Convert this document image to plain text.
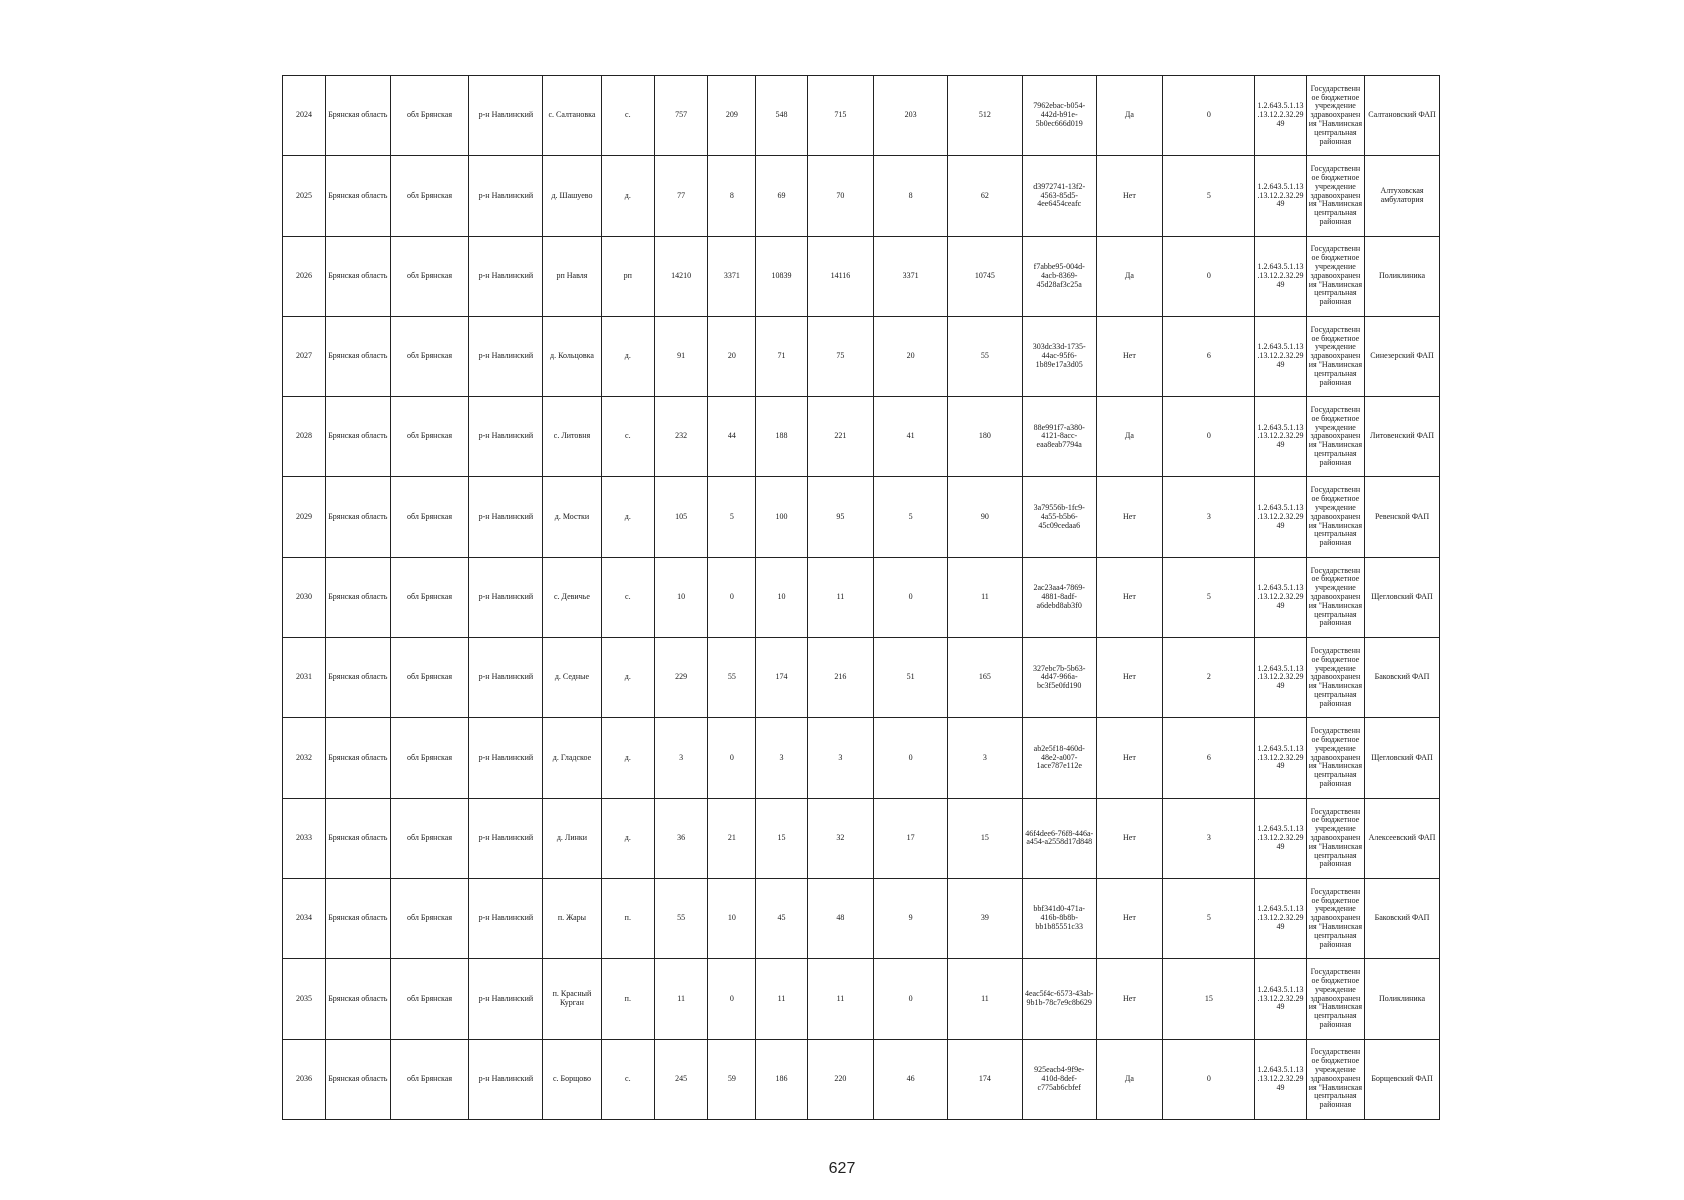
2024	Брянская область	обл Брянская	р-н Навлинский	с. Салтановка	с.	757	209	548	715	203	512	7962ebac-b054-442d-b91e-5b0ec666d019	Да	0	1.2.643.5.1.13.13.12.2.32.2949	Государственное бюджетное учреждение здравоохранения "Навлинская центральная районная	Салтановский ФАП
2025	Брянская область	обл Брянская	р-н Навлинский	д. Шашуево	д.	77	8	69	70	8	62	d3972741-13f2-4563-85d5-4ee6454ceafc	Нет	5	1.2.643.5.1.13.13.12.2.32.2949	Государственное бюджетное учреждение здравоохранения "Навлинская центральная районная	Алтуховская амбулатория
2026	Брянская область	обл Брянская	р-н Навлинский	рп Навля	рп	14210	3371	10839	14116	3371	10745	f7abbe95-004d-4acb-8369-45d28af3c25a	Да	0	1.2.643.5.1.13.13.12.2.32.2949	Государственное бюджетное учреждение здравоохранения "Навлинская центральная районная	Поликлиника
2027	Брянская область	обл Брянская	р-н Навлинский	д. Кольцовка	д.	91	20	71	75	20	55	303dc33d-1735-44ac-95f6-1b89e17a3d05	Нет	6	1.2.643.5.1.13.13.12.2.32.2949	Государственное бюджетное учреждение здравоохранения "Навлинская центральная районная	Синезерский ФАП
2028	Брянская область	обл Брянская	р-н Навлинский	с. Литовня	с.	232	44	188	221	41	180	88e991f7-a380-4121-8acc-eaa8eab7794a	Да	0	1.2.643.5.1.13.13.12.2.32.2949	Государственное бюджетное учреждение здравоохранения "Навлинская центральная районная	Литовенский ФАП
2029	Брянская область	обл Брянская	р-н Навлинский	д. Мостки	д.	105	5	100	95	5	90	3a79556b-1fc9-4a55-b5b6-45c09cedaa6	Нет	3	1.2.643.5.1.13.13.12.2.32.2949	Государственное бюджетное учреждение здравоохранения "Навлинская центральная районная	Ревенской ФАП
2030	Брянская область	обл Брянская	р-н Навлинский	с. Девичье	с.	10	0	10	11	0	11	2ac23aa4-7869-4881-8adf-a6debd8ab3f0	Нет	5	1.2.643.5.1.13.13.12.2.32.2949	Государственное бюджетное учреждение здравоохранения "Навлинская центральная районная	Щегловский ФАП
2031	Брянская область	обл Брянская	р-н Навлинский	д. Седные	д.	229	55	174	216	51	165	327ebc7b-5b63-4d47-966a-bc3f5e0fd190	Нет	2	1.2.643.5.1.13.13.12.2.32.2949	Государственное бюджетное учреждение здравоохранения "Навлинская центральная районная	Баковский ФАП
2032	Брянская область	обл Брянская	р-н Навлинский	д. Гладское	д.	3	0	3	3	0	3	ab2e5f18-460d-48e2-a007-1ace787e112e	Нет	6	1.2.643.5.1.13.13.12.2.32.2949	Государственное бюджетное учреждение здравоохранения "Навлинская центральная районная	Щегловский ФАП
2033	Брянская область	обл Брянская	р-н Навлинский	д. Линки	д.	36	21	15	32	17	15	46f4dee6-76f8-446a-a454-a2558d17d848	Нет	3	1.2.643.5.1.13.13.12.2.32.2949	Государственное бюджетное учреждение здравоохранения "Навлинская центральная районная	Алексеевский ФАП
2034	Брянская область	обл Брянская	р-н Навлинский	п. Жары	п.	55	10	45	48	9	39	bbf341d0-471a-416b-8b8b-bb1b85551c33	Нет	5	1.2.643.5.1.13.13.12.2.32.2949	Государственное бюджетное учреждение здравоохранения "Навлинская центральная районная	Баковский ФАП
2035	Брянская область	обл Брянская	р-н Навлинский	п. Красный Курган	п.	11	0	11	11	0	11	4eac5f4c-6573-43ab-9b1b-78c7e9c8b629	Нет	15	1.2.643.5.1.13.13.12.2.32.2949	Государственное бюджетное учреждение здравоохранения "Навлинская центральная районная	Поликлиника
2036	Брянская область	обл Брянская	р-н Навлинский	с. Борщово	с.	245	59	186	220	46	174	925eacb4-9f9e-410d-8def-c775ab6cbfef	Да	0	1.2.643.5.1.13.13.12.2.32.2949	Государственное бюджетное учреждение здравоохранения "Навлинская центральная районная	Борщевский ФАП
627
